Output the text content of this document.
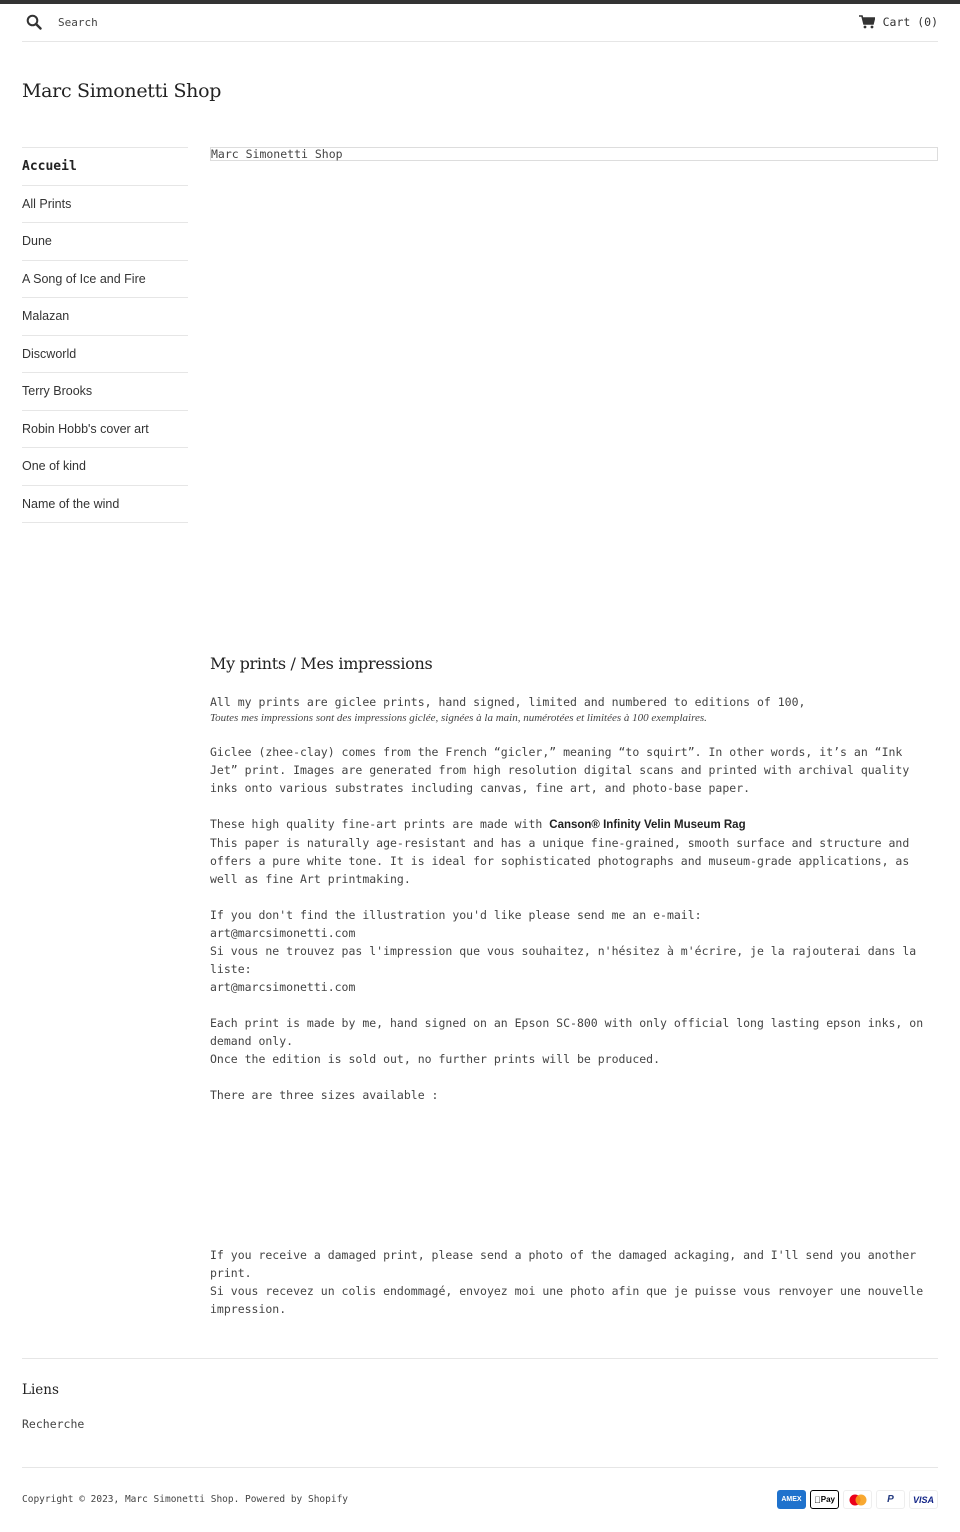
Search
Cart (0)
Marc Simonetti Shop
Accueil
All Prints
Dune
A Song of Ice and Fire
Malazan
Discworld
Terry Brooks
Robin Hobb's cover art
One of kind
Name of the wind
Marc Simonetti Shop
My prints / Mes impressions

All my prints are giclee prints, hand signed, limited and numbered to editions of 100,

Toutes mes impressions sont des impressions giclée, signées à la main, numérotées et limitées à 100 exemplaires.

Giclee (zhee-clay) comes from the French “gicler,” meaning “to squirt”. In other words, it’s an “Ink Jet” print. Images are generated from high resolution digital scans and printed with archival quality inks onto various substrates including canvas, fine art, and photo-base paper.

These high quality fine-art prints are made with Canson® Infinity Velin Museum Rag

This paper is naturally age-resistant and has a unique fine-grained, smooth surface and structure and offers a pure white tone. It is ideal for sophisticated photographs and museum-grade applications, as well as fine Art printmaking.

If you don't find the illustration you'd like please send me an e-mail:

art@marcsimonetti.com

Si vous ne trouvez pas l'impression que vous souhaitez, n'hésitez à m'écrire, je la rajouterai dans la liste:

art@marcsimonetti.com

Each print is made by me, hand signed on an Epson SC-800 with only official long lasting epson inks, on demand only.

Once the edition is sold out, no further prints will be produced.

There are three sizes available :

If you receive a damaged print, please send a photo of the damaged ackaging, and I'll send you another print.

Si vous recevez un colis endommagé, envoyez moi une photo afin que je puisse vous renvoyer une nouvelle impression.

Liens
Recherche
Copyright © 2023, Marc Simonetti Shop. Powered by Shopify	AMEX	Pay	P	VISA
